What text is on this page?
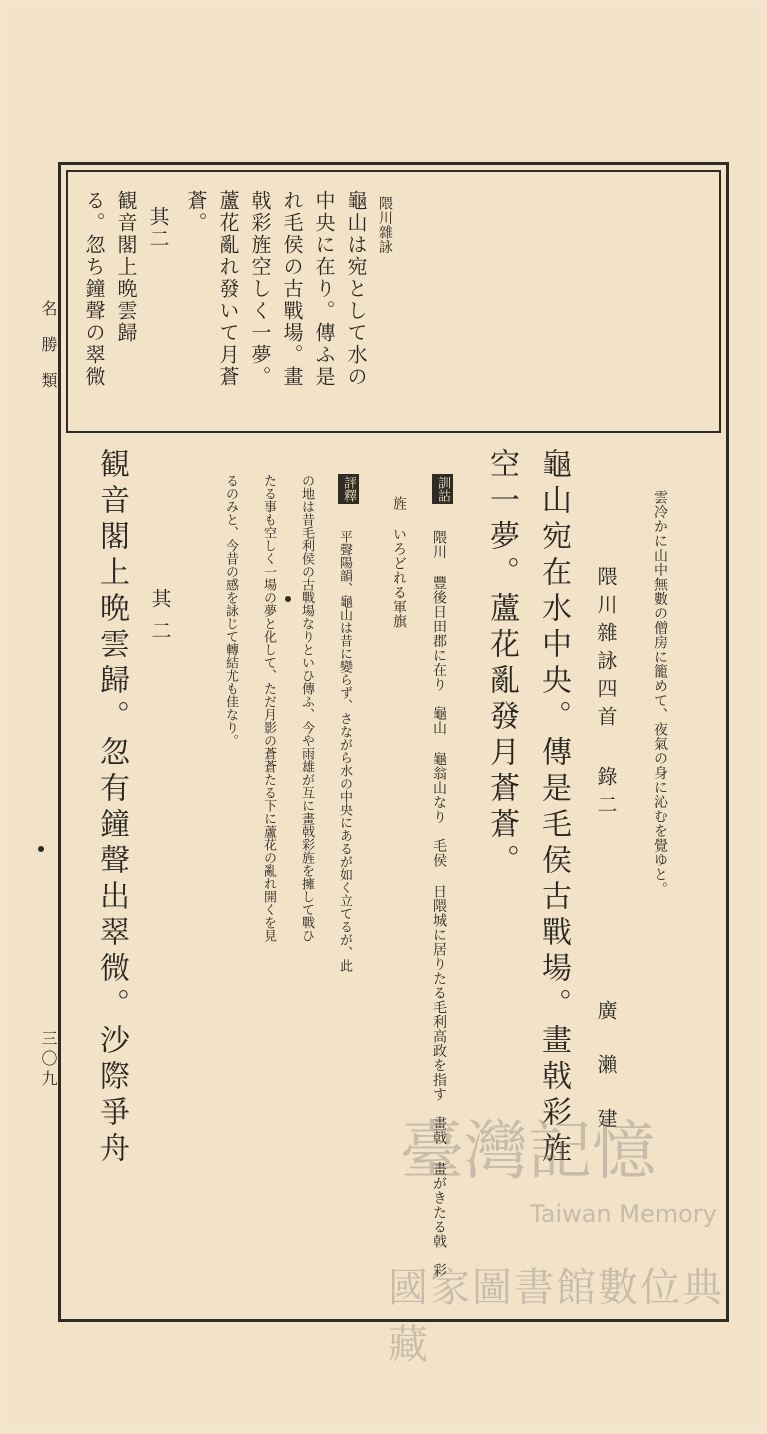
名勝類
三〇九
隈川雜詠
龜山は宛として水の
中央に在り。傳ふ是
れ毛侯の古戰場。畫
戟彩旌空しく一夢。
蘆花亂れ發いて月蒼
蒼。
其二
観音閣上晩雲歸
る。忽ち鐘聲の翠微
雲冷かに山中無數の僧房に籠めて、夜氣の身に沁むを覺ゆと。
隈川雜詠四首 錄二
廣瀨建
龜山宛在水中央。傳是毛侯古戰場。畫戟彩旌
空一夢。蘆花亂發月蒼蒼。
訓詁
隈川 豐後日田郡に在り　龜山 龜翁山なり　毛侯 日隈城に居りたる毛利高政を指す　畫戟 畫がきたる戟　彩
旌 いろどれる軍旗
評釋
平聲陽韻、龜山は昔に變らず、さながら水の中央にあるが如く立てるが、此
の地は昔毛利侯の古戰場なりといひ傳ふ、今や雨雄が互に畫戟彩旌を擁して戰ひ
たる事も空しく一場の夢と化して、ただ月影の蒼蒼たる下に蘆花の亂れ開くを見
るのみと、今昔の感を詠じて轉結尤も佳なり。
其二
観音閣上晩雲歸。忽有鐘聲出翠微。沙際爭舟	臺灣記憶
Taiwan Memory
國家圖書館數位典藏
